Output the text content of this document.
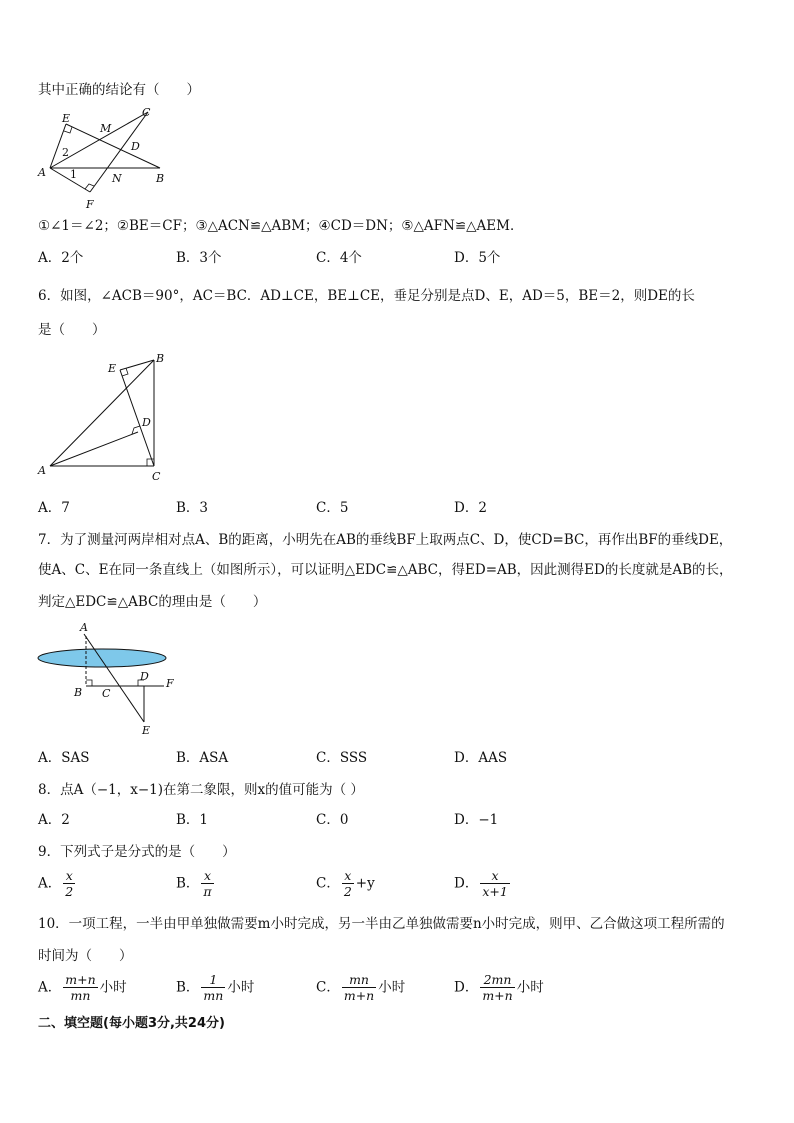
其中正确的结论有（　　）
E
M
C
2	D
A 1	N	B
F
①∠1＝∠2；②BE＝CF；③△ACN≌△ABM；④CD＝DN；⑤△AFN≌△AEM．
A．2个	B．3个	C．4个	D．5个
6．如图，∠ACB＝90°，AC＝BC．AD⊥CE，BE⊥CE，垂足分别是点D、E，AD＝5，BE＝2，则DE的长
是（　　）
E
B
D
A	C
A．7	B．3	C．5	D．2
7．为了测量河两岸相对点A、B的距离，小明先在AB的垂线BF上取两点C、D，使CD=BC，再作出BF的垂线DE，
使A、C、E在同一条直线上（如图所示），可以证明△EDC≌△ABC，得ED=AB，因此测得ED的长度就是AB的长，
判定△EDC≌△ABC的理由是（　　）
A
B C
D
F
E
A．SAS	B．ASA	C．SSS	D．AAS
8．点A（−1，x−1)在第二象限，则x的值可能为（ ）
A．2	B．1	C．0	D．−1
9．下列式子是分式的是（　　）
A． $\frac{x}{2}$	B． $\frac{x}{\pi}$	C． $\frac{x}{2} +y$	D． $\frac{x}{x+1}$
10．一项工程，一半由甲单独做需要m小时完成，另一半由乙单独做需要n小时完成，则甲、乙合做这项工程所需的
时间为（　　）
A． $\frac{m+n}{mn}$ 小时	B． $\frac{1}{mn}$ 小时	C． $\frac{mn}{m+n}$ 小时	D． $\frac{2mn}{m+n}$ 小时
二、填空题(每小题3分,共24分)
